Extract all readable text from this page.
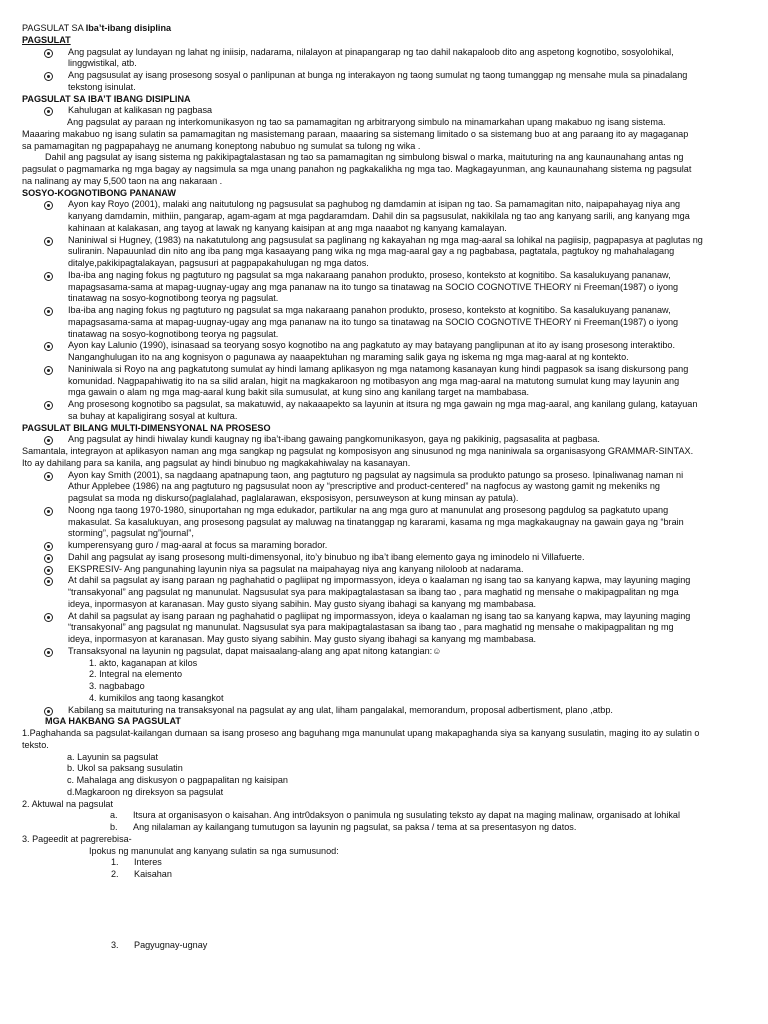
PAGSULAT SA Iba’t-ibang disiplina
PAGSULAT
Ang pagsulat ay lundayan ng lahat ng iniisip, nadarama, nilalayon at pinapangarap ng tao dahil nakapaloob dito ang aspetong kognotibo, sosyolohikal,
linggwistikal, atb.
Ang pagsusulat ay isang prosesong sosyal o panlipunan at bunga ng interakayon ng taong sumulat ng taong tumanggap ng mensahe mula sa pinadalang
tekstong isinulat.
PAGSULAT SA IBA’T IBANG DISIPLINA
Kahulugan at kalikasan ng pagbasa
Ang pagsulat ay paraan ng interkomunikasyon ng tao sa pamamagitan ng arbitraryong simbulo na minamarkahan upang makabuo ng isang sistema.
Maaaring makabuo ng isang sulatin sa pamamagitan ng masistemang paraan, maaaring sa sistemang limitado o sa sistemang buo at ang paraang ito ay magaganap
sa pamamagitan ng pagpapahayg ne anumang koneptong nabubuo ng sumulat sa tulong ng wika .
Dahil ang pagsulat ay isang sistema ng pakikipagtalastasan ng tao sa pamamagitan ng simbulong biswal o marka, maituturing na ang kaunaunahang antas ng
pagsulat o pagmamarka ng mga bagay ay nagsimula sa mga unang panahon ng pagkakalikha ng mga tao. Magkagayunman, ang kaunaunahang sistema ng pagsulat
na nalinang ay may 5,500 taon na ang nakaraan .
SOSYO-KOGNOTIBONG PANANAW
Ayon kay Royo (2001), malaki ang naitutulong ng pagsusulat sa paghubog ng damdamin at isipan ng tao. Sa pamamagitan nito, naipapahayag niya ang
kanyang damdamin, mithiin, pangarap, agam-agam at mga pagdaramdam. Dahil din sa pagsusulat, nakikilala ng tao ang kanyang sarili, ang kanyang mga
kahinaan at kalakasan, ang tayog at lawak ng kanyang kaisipan at ang mga naaabot ng kanyang kamalayan.
Naniniwal si Hugney, (1983) na nakatutulong ang pagsusulat sa paglinang ng kakayahan ng mga mag-aaral sa lohikal na pagiisip, pagpapasya at paglutas ng
suliranin. Napauunlad din nito ang iba pang mga kasaayang pang wika ng mga mag-aaral gay a ng pagbabasa, pagtatala, pagtukoy ng mahahalagang
ditalye,pakikipagtalakayan, pagsusuri at pagpapakahulugan ng mga datos.
Iba-iba ang naging fokus ng pagtuturo ng pagsulat sa mga nakaraang panahon produkto, proseso, konteksto at kognitibo. Sa kasalukuyang pananaw,
mapagsasama-sama at mapag-uugnay-ugay ang mga pananaw na ito tungo sa tinatawag na SOCIO COGNOTIVE THEORY ni Freeman(1987) o iyong
tinatawag na sosyo-kognotibong teorya ng pagsulat.
Iba-iba ang naging fokus ng pagtuturo ng pagsulat sa mga nakaraang panahon produkto, proseso, konteksto at kognitibo. Sa kasalukuyang pananaw,
mapagsasama-sama at mapag-uugnay-ugay ang mga pananaw na ito tungo sa tinatawag na SOCIO COGNOTIVE THEORY ni Freeman(1987) o iyong
tinatawag na sosyo-kognotibong teorya ng pagsulat.
Ayon kay Lalunio (1990), isinasaad sa teoryang sosyo kognotibo na ang pagkatuto ay may batayang panglipunan at ito ay isang prosesong interaktibo.
Nanganghulugan ito na ang kognisyon o pagunawa ay naaapektuhan ng maraming salik gaya ng iskema ng mga mag-aaral at ng kontekto.
Naniniwala si Royo na ang pagkatutong sumulat ay hindi lamang aplikasyon ng mga natamong kasanayan kung hindi pagpasok sa isang diskursong pang
komunidad. Nagpapahiwatig ito na sa silid aralan, higit na magkakaroon ng motibasyon ang mga mag-aaral na matutong sumulat kung may layunin ang
mga gawain o alam ng mga mag-aaral kung bakit sila sumusulat, at kung sino ang kanilang target na mambabasa.
Ang prosesong kognotibo sa pagsulat, sa makatuwid, ay nakaaapekto sa layunin at itsura ng mga gawain ng mga mag-aaral, ang kanilang gulang, katayuan
sa buhay at kapaligirang sosyal at kultura.
PAGSULAT BILANG MULTI-DIMENSYONAL NA PROSESO
Ang pagsulat ay hindi hiwalay kundi kaugnay ng iba’t-ibang gawaing pangkomunikasyon, gaya ng pakikinig, pagsasalita at pagbasa.
Samantala, integrayon at aplikasyon naman ang mga sangkap ng pagsulat ng komposisyon ang sinusunod ng mga naniniwala sa organisasyong GRAMMAR-SINTAX.
Ito ay dahilang para sa kanila, ang pagsulat ay hindi binubuo ng magkakahiwalay na kasanayan.
Ayon kay Smith (2001), sa nagdaang apatnapung taon, ang pagtuturo ng pagsulat ay nagsimula sa produkto patungo sa proseso. Ipinaliwanag naman ni
Athur Applebee (1986) na ang pagtuturo ng pagsusulat noon ay “prescriptive and product-centered” na nagfocus ay wastong gamit ng mekeniks ng
pagsulat sa moda ng diskurso(paglalahad, paglalarawan, eksposisyon, persuweyson at kung minsan ay patula).
Noong nga taong 1970-1980, sinuportahan ng mga edukador, partikular na ang mga guro at manunulat ang prosesong pagdulog sa pagkatuto upang
makasulat. Sa kasalukuyan, ang prosesong pagsulat ay maluwag na tinatanggap ng kararami, kasama ng mga magkakaugnay na gawain gaya ng “brain
storming”, pagsulat ng”journal”,
kumperensyang guro / mag-aaral at focus sa maraming borador.
Dahil ang pagsulat ay isang prosesong multi-dimensyonal, ito’y binubuo ng iba’t ibang elemento gaya ng iminodelo ni Villafuerte.
EKSPRESIV- Ang pangunahing layunin niya sa pagsulat na maipahayag niya ang kanyang niloloob at nadarama.
At dahil sa pagsulat ay isang paraan ng paghahatid o pagliipat ng impormassyon, ideya o kaalaman ng isang tao sa kanyang kapwa, may layuning maging
“transakyonal” ang pagsulat ng manunulat. Nagsusulat sya para makipagtalastasan sa ibang tao , para maghatid ng mensahe o makipagpalitan ng mga
ideya, inpormasyon at karanasan. May gusto siyang sabihin. May gusto siyang ibahagi sa kanyang mg mambabasa.
At dahil sa pagsulat ay isang paraan ng paghahatid o pagliipat ng impormassyon, ideya o kaalaman ng isang tao sa kanyang kapwa, may layuning maging
“transakyonal” ang pagsulat ng manunulat. Nagsusulat sya para makipagtalastasan sa ibang tao , para maghatid ng mensahe o makipagpalitan ng mg
ideya, inpormasyon at karanasan. May gusto siyang sabihin. May gusto siyang ibahagi sa kanyang mg mambabasa.
Transaksyonal na layunin ng pagsulat, dapat maisaalang-alang ang apat nitong katangian:☺
1. akto, kaganapan at kilos
2. Integral na elemento
3. nagbabago
4. kumikilos ang taong kasangkot
Kabilang sa maituturing na transaksyonal na pagsulat ay ang ulat, liham pangalakal, memorandum, proposal adbertisment, plano ,atbp.
MGA HAKBANG SA PAGSULAT
1.Paghahanda sa pagsulat-kailangan dumaan sa isang proseso ang baguhang mga manunulat upang makapaghanda siya sa kanyang susulatin, maging ito ay sulatin o
teksto.
a. Layunin sa pagsulat
b. Ukol sa paksang susulatin
c. Mahalaga ang diskusyon o pagpapalitan ng kaisipan
d.Magkaroon ng direksyon sa pagsulat
2. Aktuwal na pagsulat
a. Itsura at organisasyon o kaisahan. Ang intr0daksyon o panimula ng susulating teksto ay dapat na maging malinaw, organisado at lohikal
b. Ang nilalaman ay kailangang tumutugon sa layunin ng pagsulat, sa paksa / tema at sa presentasyon ng datos.
3. Pageedit at pagrerebisa-
Ipokus ng manunulat ang kanyang sulatin sa nga sumusunod:
1. Interes
2. Kaisahan
3. Pagyugnay-ugnay
